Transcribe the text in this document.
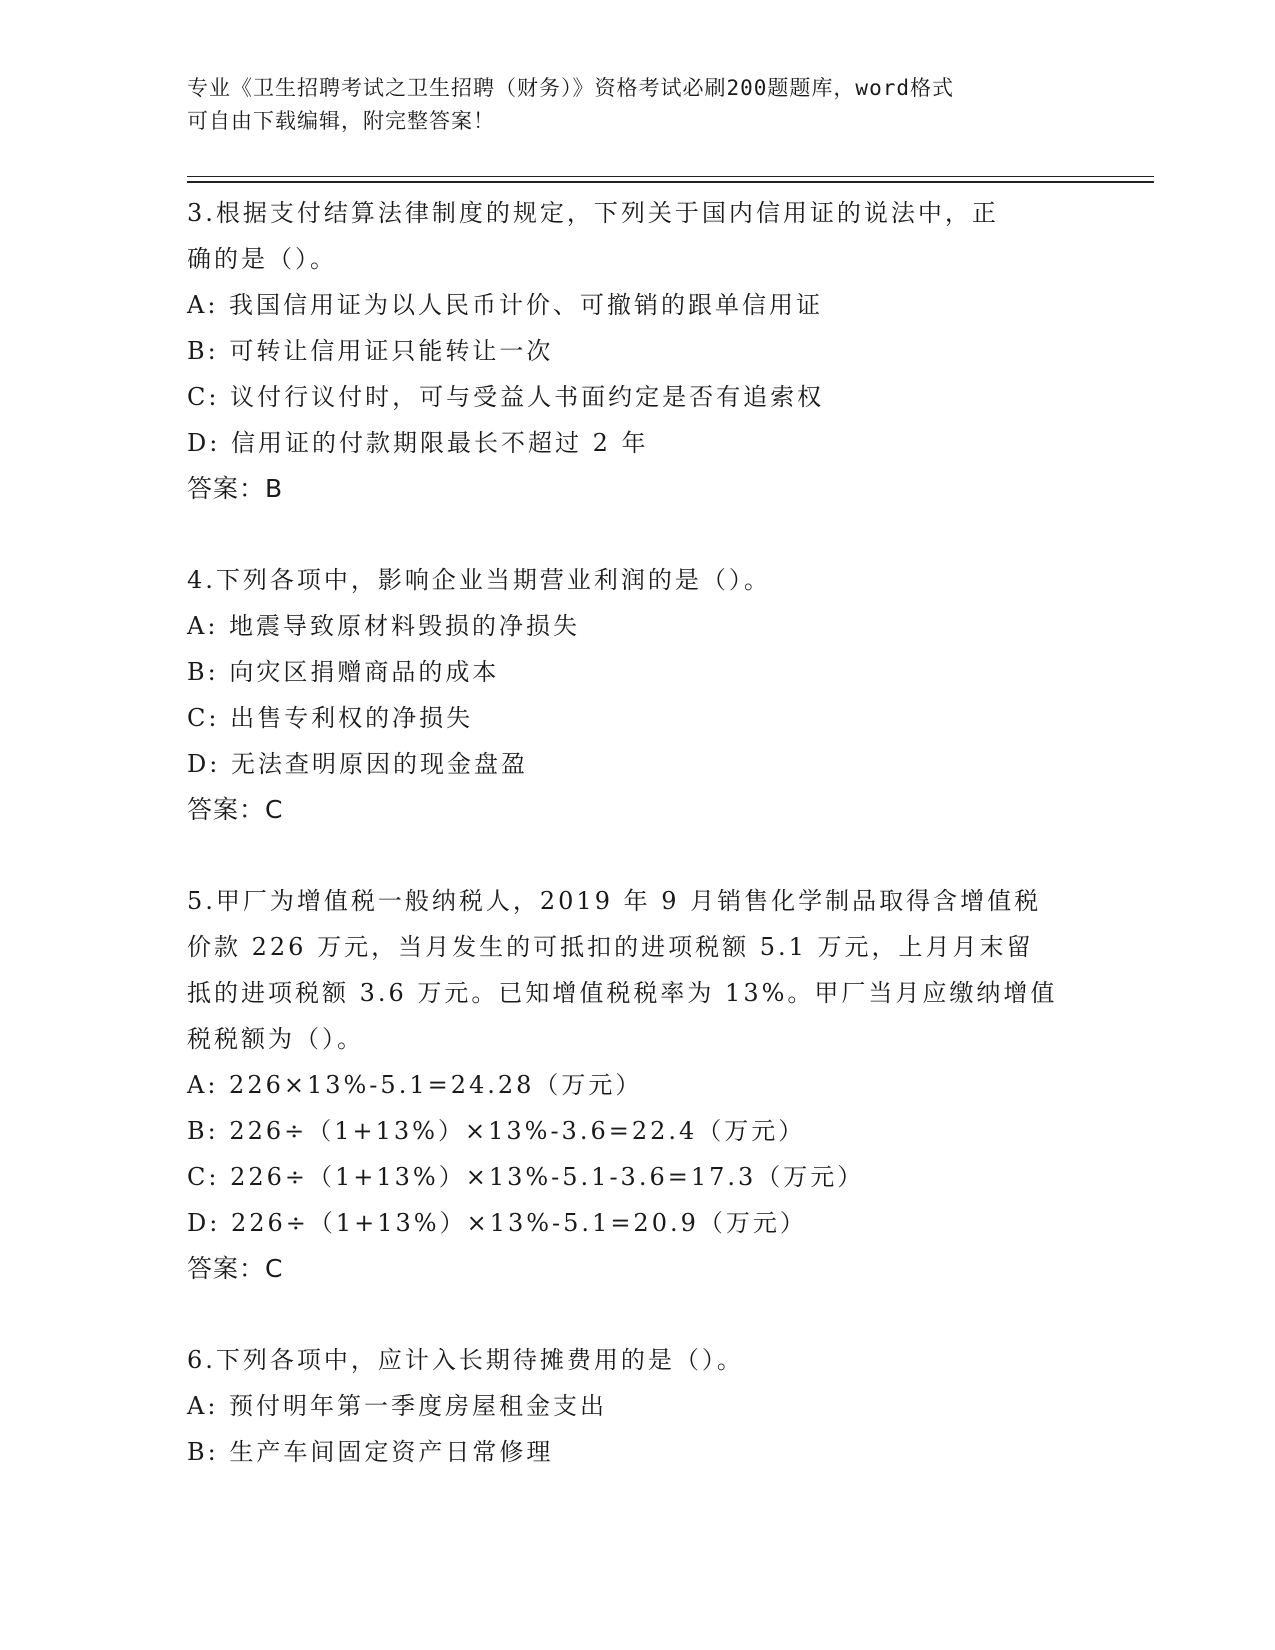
专业《卫生招聘考试之卫生招聘（财务）》资格考试必刷200题题库，word格式

可自由下载编辑，附完整答案！

3.根据支付结算法律制度的规定，下列关于国内信用证的说法中，正

确的是（）。

A: 我国信用证为以人民币计价、可撤销的跟单信用证

B: 可转让信用证只能转让一次

C: 议付行议付时，可与受益人书面约定是否有追索权

D: 信用证的付款期限最长不超过 2 年

答案：B

4.下列各项中，影响企业当期营业利润的是（）。

A: 地震导致原材料毁损的净损失

B: 向灾区捐赠商品的成本

C: 出售专利权的净损失

D: 无法查明原因的现金盘盈

答案：C

5.甲厂为增值税一般纳税人，2019 年 9 月销售化学制品取得含增值税

价款 226 万元，当月发生的可抵扣的进项税额 5.1 万元，上月月末留

抵的进项税额 3.6 万元。已知增值税税率为 13%。甲厂当月应缴纳增值

税税额为（）。

A: 226×13%-5.1=24.28（万元）

B: 226÷（1+13%）×13%-3.6=22.4（万元）

C: 226÷（1+13%）×13%-5.1-3.6=17.3（万元）

D: 226÷（1+13%）×13%-5.1=20.9（万元）

答案：C

6.下列各项中，应计入长期待摊费用的是（）。

A: 预付明年第一季度房屋租金支出

B: 生产车间固定资产日常修理
